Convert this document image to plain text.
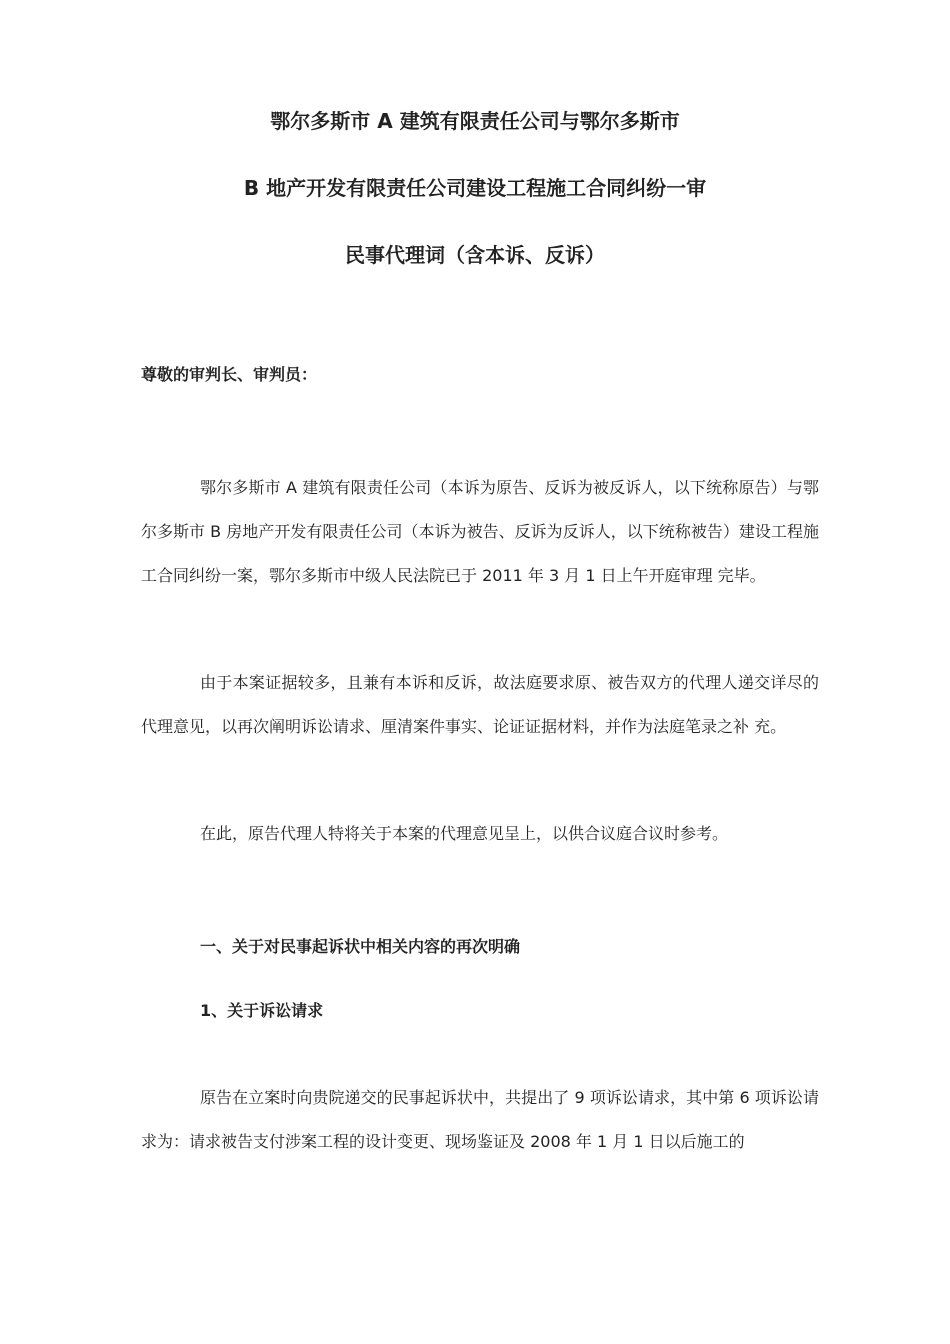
鄂尔多斯市 A 建筑有限责任公司与鄂尔多斯市
B 地产开发有限责任公司建设工程施工合同纠纷一审
民事代理词（含本诉、反诉）
尊敬的审判长、审判员：

鄂尔多斯市 A 建筑有限责任公司（本诉为原告、反诉为被反诉人，以下统称原告）与鄂尔多斯市 B 房地产开发有限责任公司（本诉为被告、反诉为反诉人，以下统称被告）建设工程施工合同纠纷一案，鄂尔多斯市中级人民法院已于 2011 年 3 月 1 日上午开庭审理 完毕。

由于本案证据较多，且兼有本诉和反诉，故法庭要求原、被告双方的代理人递交详尽的代理意见，以再次阐明诉讼请求、厘清案件事实、论证证据材料，并作为法庭笔录之补 充。

在此，原告代理人特将关于本案的代理意见呈上，以供合议庭合议时参考。

一、关于对民事起诉状中相关内容的再次明确
1、关于诉讼请求

原告在立案时向贵院递交的民事起诉状中，共提出了 9 项诉讼请求，其中第 6 项诉讼请求为：请求被告支付涉案工程的设计变更、现场鉴证及 2008 年 1 月 1 日以后施工的
